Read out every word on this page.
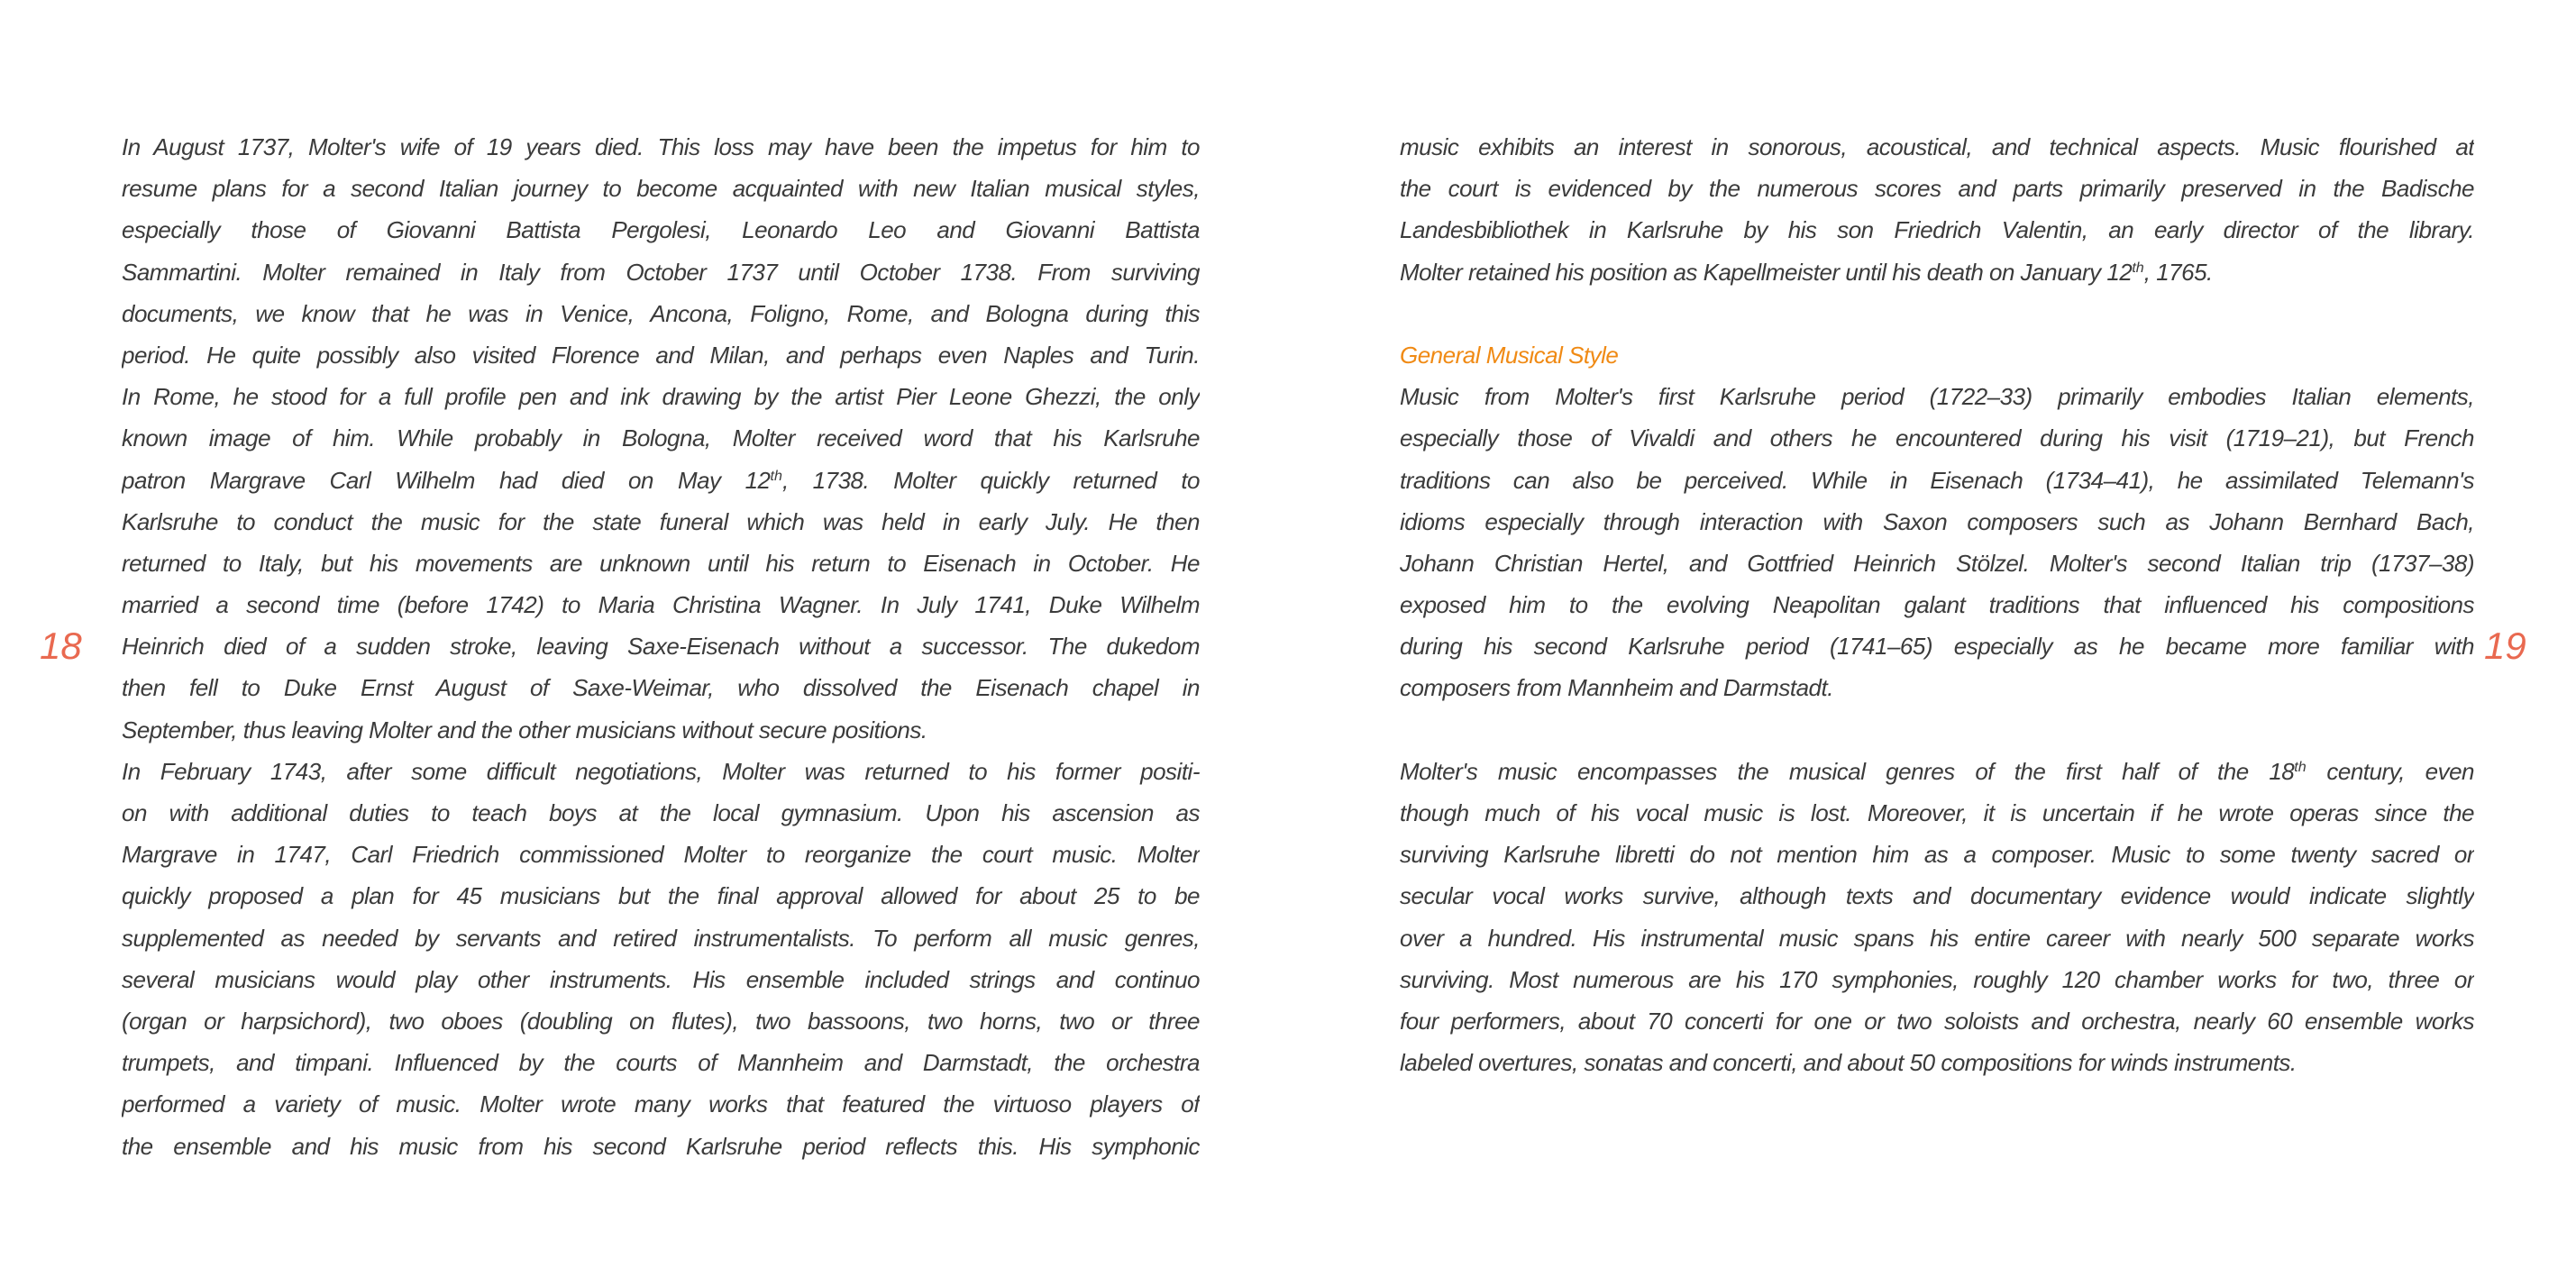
18
In August 1737, Molter's wife of 19 years died. This loss may have been the impetus for him to
resume plans for a second Italian journey to become acquainted with new Italian musical styles,
especially those of Giovanni Battista Pergolesi, Leonardo Leo and Giovanni Battista
Sammartini. Molter remained in Italy from October 1737 until October 1738. From surviving
documents, we know that he was in Venice, Ancona, Foligno, Rome, and Bologna during this
period. He quite possibly also visited Florence and Milan, and perhaps even Naples and Turin.
In Rome, he stood for a full profile pen and ink drawing by the artist Pier Leone Ghezzi, the only
known image of him. While probably in Bologna, Molter received word that his Karlsruhe
patron Margrave Carl Wilhelm had died on May 12th, 1738. Molter quickly returned to
Karlsruhe to conduct the music for the state funeral which was held in early July. He then
returned to Italy, but his movements are unknown until his return to Eisenach in October. He
married a second time (before 1742) to Maria Christina Wagner. In July 1741, Duke Wilhelm
Heinrich died of a sudden stroke, leaving Saxe-Eisenach without a successor. The dukedom
then fell to Duke Ernst August of Saxe-Weimar, who dissolved the Eisenach chapel in
September, thus leaving Molter and the other musicians without secure positions.
In February 1743, after some difficult negotiations, Molter was returned to his former positi-
on with additional duties to teach boys at the local gymnasium. Upon his ascension as
Margrave in 1747, Carl Friedrich commissioned Molter to reorganize the court music. Molter
quickly proposed a plan for 45 musicians but the final approval allowed for about 25 to be
supplemented as needed by servants and retired instrumentalists. To perform all music genres,
several musicians would play other instruments. His ensemble included strings and continuo
(organ or harpsichord), two oboes (doubling on flutes), two bassoons, two horns, two or three
trumpets, and timpani. Influenced by the courts of Mannheim and Darmstadt, the orchestra
performed a variety of music. Molter wrote many works that featured the virtuoso players of
the ensemble and his music from his second Karlsruhe period reflects this. His symphonic
music exhibits an interest in sonorous, acoustical, and technical aspects. Music flourished at
the court is evidenced by the numerous scores and parts primarily preserved in the Badische
Landesbibliothek in Karlsruhe by his son Friedrich Valentin, an early director of the library.
Molter retained his position as Kapellmeister until his death on January 12th, 1765.
General Musical Style
Music from Molter's first Karlsruhe period (1722–33) primarily embodies Italian elements,
especially those of Vivaldi and others he encountered during his visit (1719–21), but French
traditions can also be perceived. While in Eisenach (1734–41), he assimilated Telemann's
idioms especially through interaction with Saxon composers such as Johann Bernhard Bach,
Johann Christian Hertel, and Gottfried Heinrich Stölzel. Molter's second Italian trip (1737–38)
exposed him to the evolving Neapolitan galant traditions that influenced his compositions
during his second Karlsruhe period (1741–65) especially as he became more familiar with
composers from Mannheim and Darmstadt.
Molter's music encompasses the musical genres of the first half of the 18th century, even
though much of his vocal music is lost. Moreover, it is uncertain if he wrote operas since the
surviving Karlsruhe libretti do not mention him as a composer. Music to some twenty sacred or
secular vocal works survive, although texts and documentary evidence would indicate slightly
over a hundred. His instrumental music spans his entire career with nearly 500 separate works
surviving. Most numerous are his 170 symphonies, roughly 120 chamber works for two, three or
four performers, about 70 concerti for one or two soloists and orchestra, nearly 60 ensemble works
labeled overtures, sonatas and concerti, and about 50 compositions for winds instruments.
19
